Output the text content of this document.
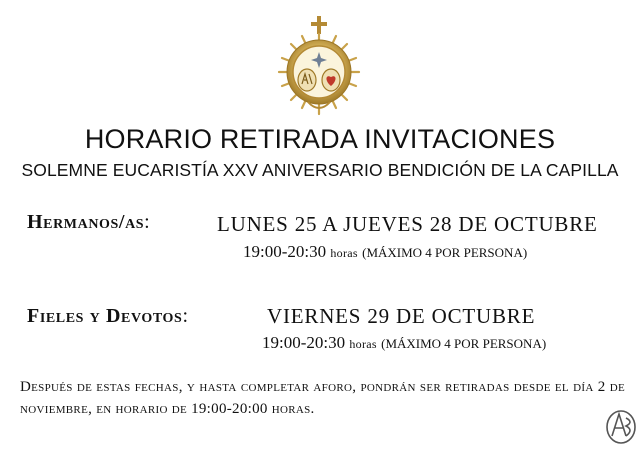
HORARIO RETIRADA INVITACIONES
SOLEMNE EUCARISTÍA XXV ANIVERSARIO BENDICIÓN DE LA CAPILLA
Hermanos/as:	LUNES 25 A JUEVES 28 DE OCTUBRE
19:00-20:30 horas (MÁXIMO 4 POR PERSONA)
Fieles y Devotos:	VIERNES 29 DE OCTUBRE
19:00-20:30 horas (MÁXIMO 4 POR PERSONA)
Después de estas fechas, y hasta completar aforo, pondrán ser retiradas desde el día 2 de noviembre, en horario de 19:00-20:00 horas.
